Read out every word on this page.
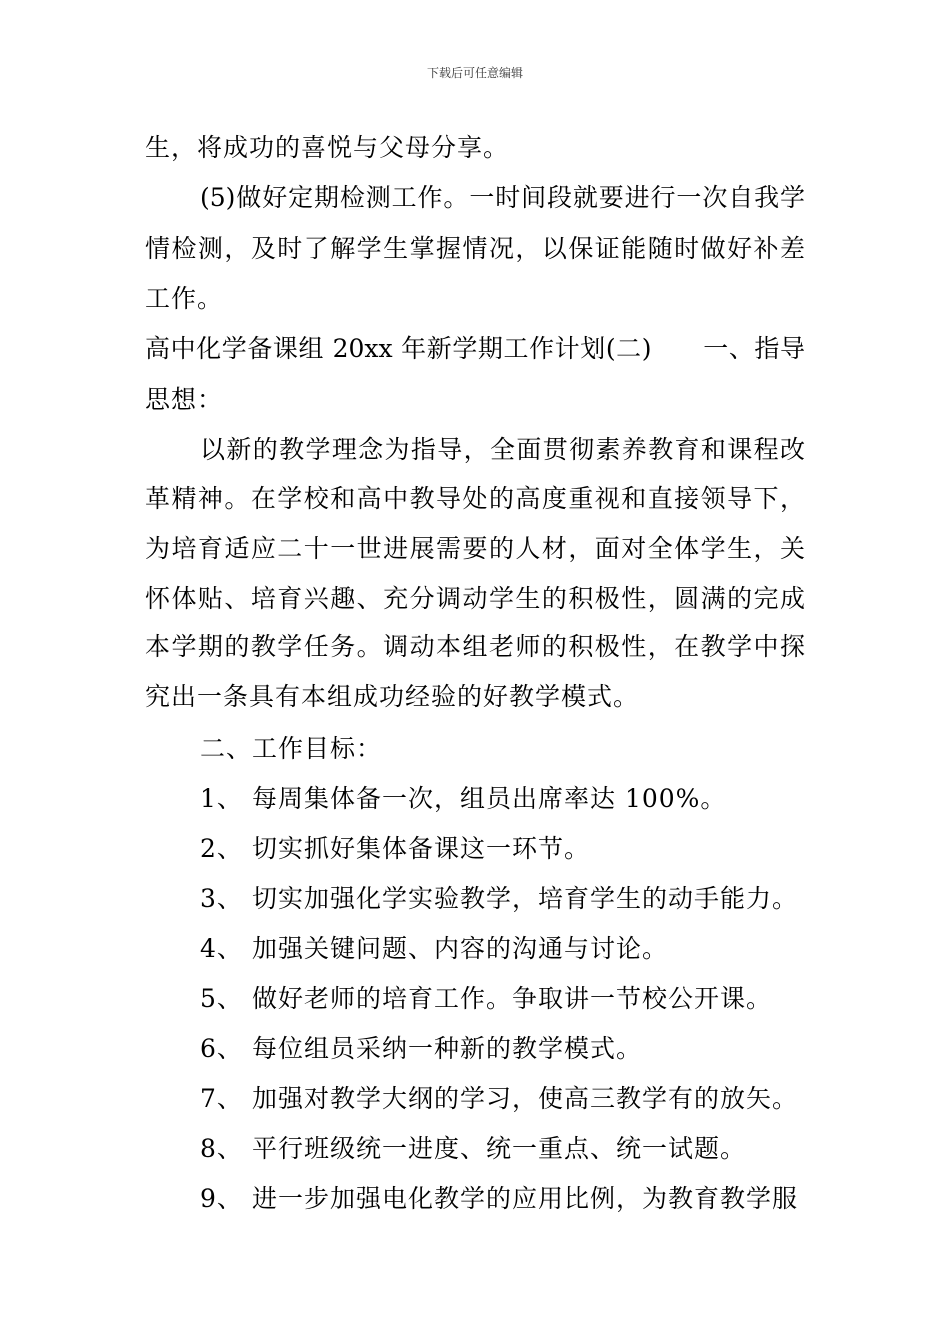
下载后可任意编辑
生，将成功的喜悦与父母分享。
(5)做好定期检测工作。一时间段就要进行一次自我学
情检测，及时了解学生掌握情况，以保证能随时做好补差
工作。
高中化学备课组 20xx 年新学期工作计划(二)　　一、指导
思想：
以新的教学理念为指导，全面贯彻素养教育和课程改
革精神。在学校和高中教导处的高度重视和直接领导下，
为培育适应二十一世进展需要的人材，面对全体学生，关
怀体贴、培育兴趣、充分调动学生的积极性，圆满的完成
本学期的教学任务。调动本组老师的积极性，在教学中探
究出一条具有本组成功经验的好教学模式。
二、工作目标：
1、 每周集体备一次，组员出席率达 100%。
2、 切实抓好集体备课这一环节。
3、 切实加强化学实验教学，培育学生的动手能力。
4、 加强关键问题、内容的沟通与讨论。
5、 做好老师的培育工作。争取讲一节校公开课。
6、 每位组员采纳一种新的教学模式。
7、 加强对教学大纲的学习，使高三教学有的放矢。
8、 平行班级统一进度、统一重点、统一试题。
9、 进一步加强电化教学的应用比例，为教育教学服
